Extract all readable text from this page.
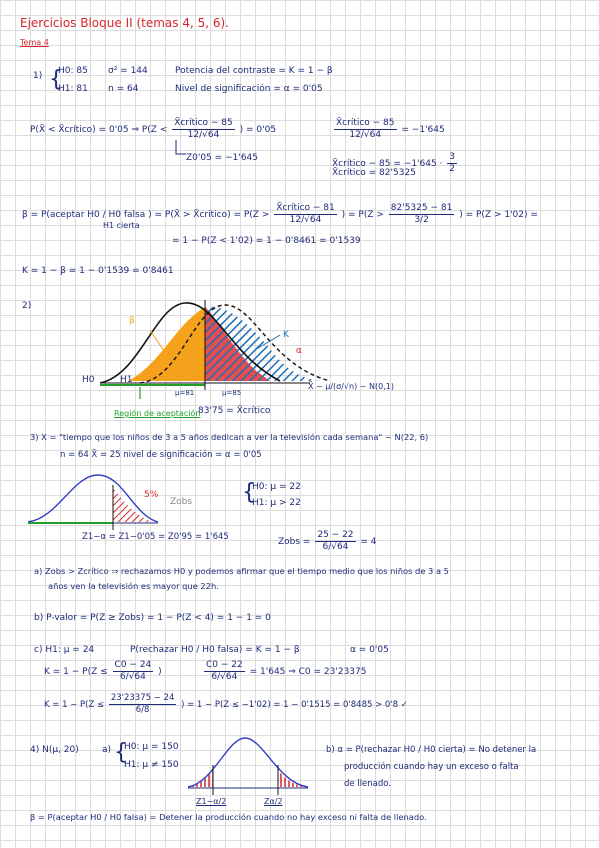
Ejercicios Bloque II (temas 4, 5, 6).
Tema 4
1) {
H0: 85
H1: 81
σ² = 144
n = 64
Potencia del contraste = K = 1 − β
Nivel de significación = α = 0'05
P(X̄ < X̄crítico) = 0'05 ⇒ $P(Z < \frac{\text{X̄crítico − 85}}{12/√64}$ ) = 0'05
Z0'05 = −1'645
$\frac{\text{X̄crítico − 85}}{12/√64} = -1'645$
X̄crítico − $85 = -1'645 \cdot \frac{3}{2}$
X̄crítico = 82'5325
β = P(aceptar H0 / H0 falsa ) = P(X̄ > X̄crítico) = $P(Z > \frac{\text{X̄crítico − 81}}{12/√64}$ ) = $P(Z > \frac{82'5325 - 81}{3/2}$ ) = P(Z > 1'02) =
H1 cierta
= 1 − P(Z < 1'02) = 1 − 0'8461 = 0'1539
K = 1 − β = 1 − 0'1539 = 0'8461
2)
β
K
α
H0	H1
μ=81	μ=85
X̄ ~ μ/(σ/√n) ~ N(0,1)
Región de aceptación
83'75 = X̄crítico
3) X = "tiempo que los niños de 3 a 5 años dedican a ver la televisión cada semana" ~ N(22, 6)
n = 64 X̄ = 25 nivel de significación = α = 0'05
5%
Zobs {
H0: μ = 22
H1: μ > 22
Z1−α = Z1−0'05 = Z0'95 = 1'645	Zobs = $\frac{25 - 22}{6/√64} = 4$
a) Zobs > Zcrítico ⇒ rechazamos H0 y podemos afirmar que el tiempo medio que los niños de 3 a 5
años ven la televisión es mayor que 22h.
b) P-valor = P(Z ≥ Zobs) = 1 − P(Z < 4) = 1 − 1 = 0
c) H1: μ = 24	P(rechazar H0 / H0 falsa) = K = 1 − β	α = 0'05
$K = 1 - P(Z \le \frac{C0 - 24}{6/√64}$ )	$\frac{C0 - 22}{6/√64} = 1'645$ ⇒ C0 = 23'23375
$K = 1 - P(Z \le \frac{23'23375 - 24}{6/8}$ ) = 1 − P(Z ≤ −1'02) = 1 − 0'1515 = 0'8485 > 0'8 ✓
4) N(μ, 20)	a) {
H0: μ = 150
H1: μ ≠ 150
Z1−α/2	Zα/2
b) α = P(rechazar H0 / H0 cierta) = No detener la
producción cuando hay un exceso o falta
de llenado.
β = P(aceptar H0 / H0 falsa) = Detener la producción cuando no hay exceso ni falta de llenado.
